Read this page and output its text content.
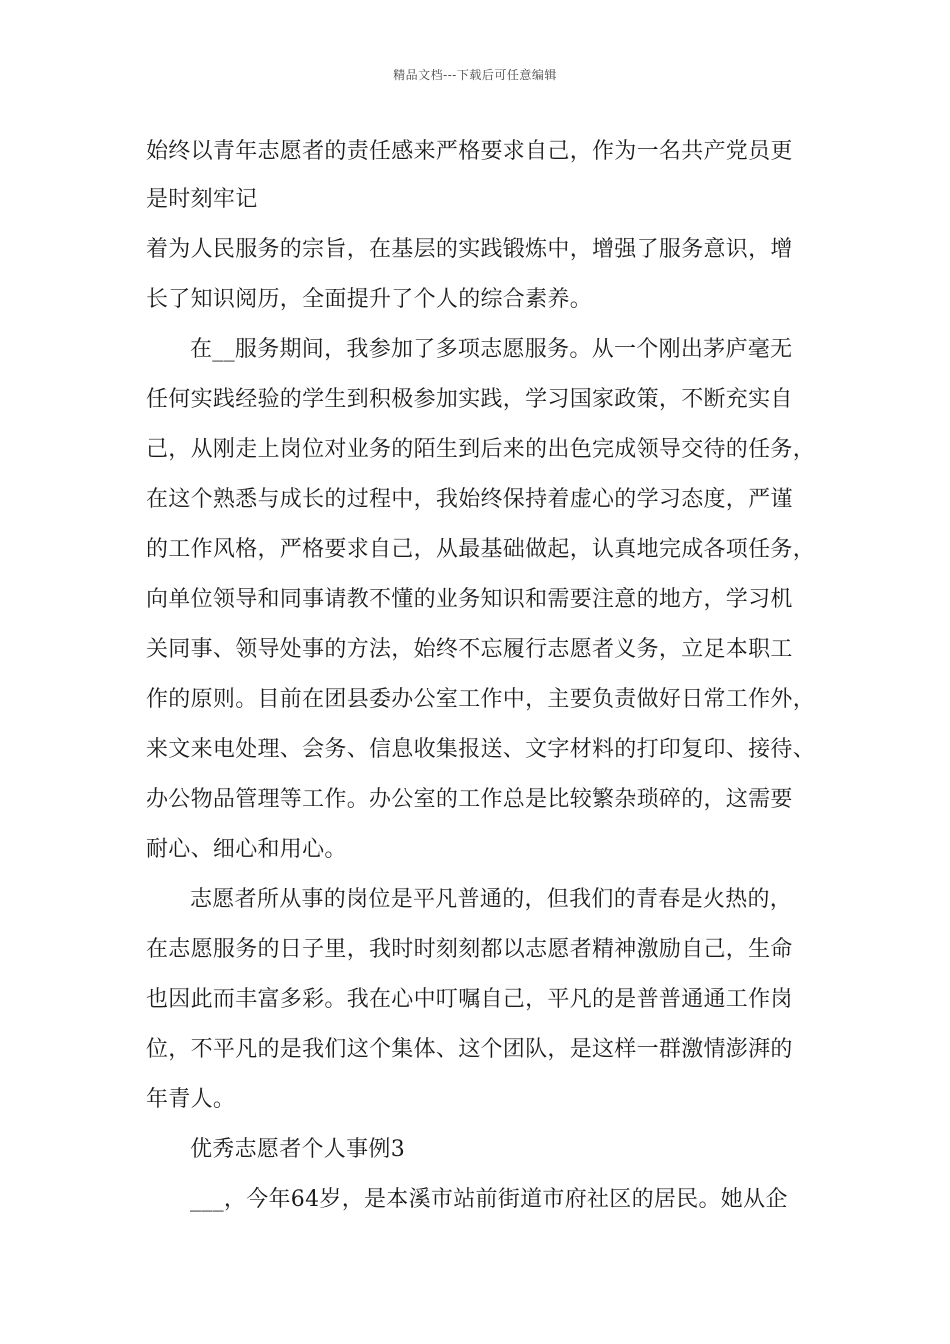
精品文档---下载后可任意编辑
始终以青年志愿者的责任感来严格要求自己，作为一名共产党员更
是时刻牢记
着为人民服务的宗旨，在基层的实践锻炼中，增强了服务意识，增
长了知识阅历，全面提升了个人的综合素养。
在__服务期间，我参加了多项志愿服务。从一个刚出茅庐毫无
任何实践经验的学生到积极参加实践，学习国家政策，不断充实自
己，从刚走上岗位对业务的陌生到后来的出色完成领导交待的任务，
在这个熟悉与成长的过程中，我始终保持着虚心的学习态度，严谨
的工作风格，严格要求自己，从最基础做起，认真地完成各项任务，
向单位领导和同事请教不懂的业务知识和需要注意的地方，学习机
关同事、领导处事的方法，始终不忘履行志愿者义务，立足本职工
作的原则。目前在团县委办公室工作中，主要负责做好日常工作外，
来文来电处理、会务、信息收集报送、文字材料的打印复印、接待、
办公物品管理等工作。办公室的工作总是比较繁杂琐碎的，这需要
耐心、细心和用心。
志愿者所从事的岗位是平凡普通的，但我们的青春是火热的，
在志愿服务的日子里，我时时刻刻都以志愿者精神激励自己，生命
也因此而丰富多彩。我在心中叮嘱自己，平凡的是普普通通工作岗
位，不平凡的是我们这个集体、这个团队，是这样一群激情澎湃的
年青人。
优秀志愿者个人事例3
___，今年64岁，是本溪市站前街道市府社区的居民。她从企
